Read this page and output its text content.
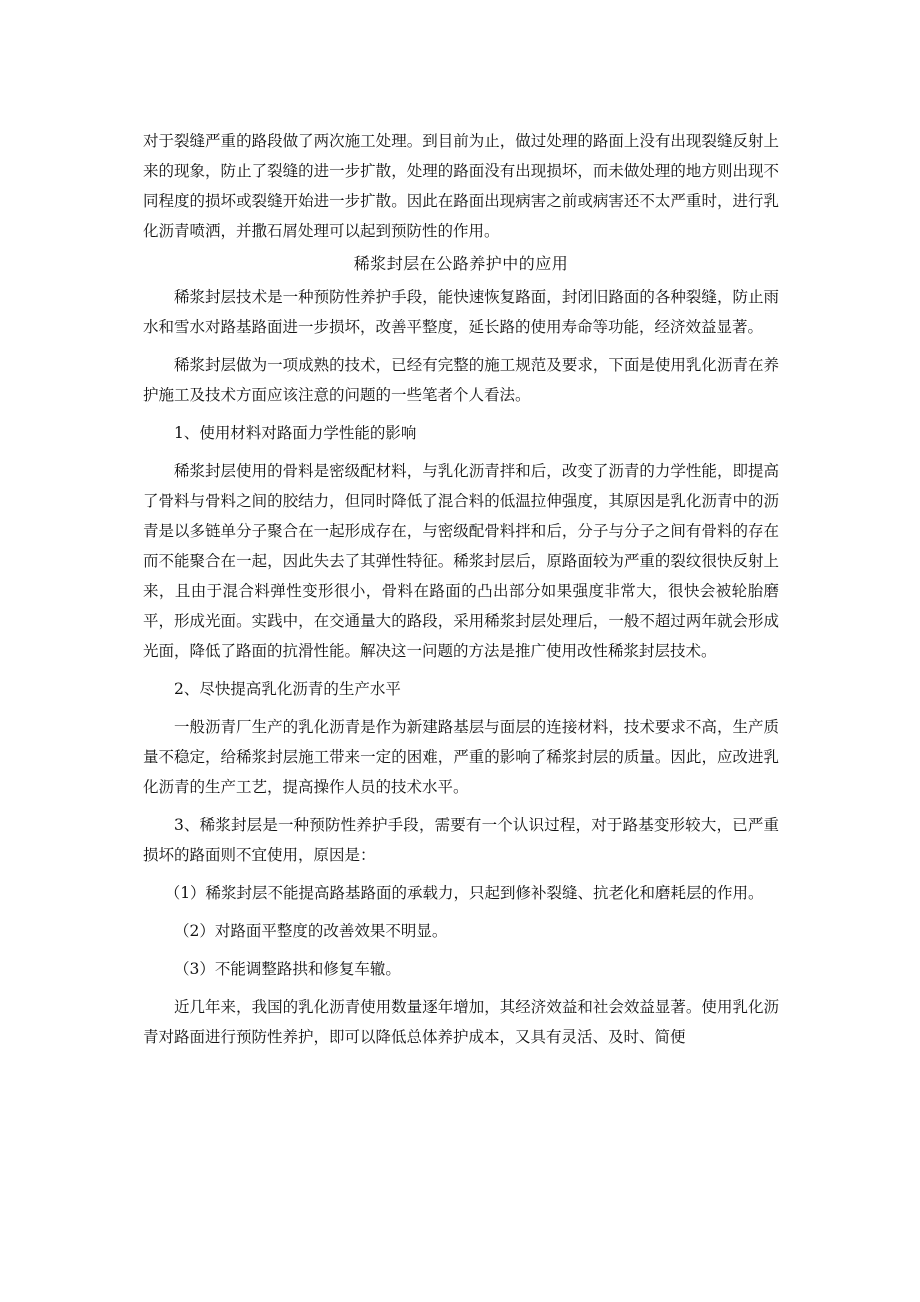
对于裂缝严重的路段做了两次施工处理。到目前为止，做过处理的路面上没有出现裂缝反射上来的现象，防止了裂缝的进一步扩散，处理的路面没有出现损坏，而未做处理的地方则出现不同程度的损坏或裂缝开始进一步扩散。因此在路面出现病害之前或病害还不太严重时，进行乳化沥青喷洒，并撒石屑处理可以起到预防性的作用。

稀浆封层在公路养护中的应用

稀浆封层技术是一种预防性养护手段，能快速恢复路面，封闭旧路面的各种裂缝，防止雨水和雪水对路基路面进一步损坏，改善平整度，延长路的使用寿命等功能，经济效益显著。

稀浆封层做为一项成熟的技术，已经有完整的施工规范及要求，下面是使用乳化沥青在养护施工及技术方面应该注意的问题的一些笔者个人看法。

1、使用材料对路面力学性能的影响

稀浆封层使用的骨料是密级配材料，与乳化沥青拌和后，改变了沥青的力学性能，即提高了骨料与骨料之间的胶结力，但同时降低了混合料的低温拉伸强度，其原因是乳化沥青中的沥青是以多链单分子聚合在一起形成存在，与密级配骨料拌和后，分子与分子之间有骨料的存在而不能聚合在一起，因此失去了其弹性特征。稀浆封层后，原路面较为严重的裂纹很快反射上来，且由于混合料弹性变形很小，骨料在路面的凸出部分如果强度非常大，很快会被轮胎磨平，形成光面。实践中，在交通量大的路段，采用稀浆封层处理后，一般不超过两年就会形成光面，降低了路面的抗滑性能。解决这一问题的方法是推广使用改性稀浆封层技术。

2、尽快提高乳化沥青的生产水平

一般沥青厂生产的乳化沥青是作为新建路基层与面层的连接材料，技术要求不高，生产质量不稳定，给稀浆封层施工带来一定的困难，严重的影响了稀浆封层的质量。因此，应改进乳化沥青的生产工艺，提高操作人员的技术水平。

3、稀浆封层是一种预防性养护手段，需要有一个认识过程，对于路基变形较大，已严重损坏的路面则不宜使用，原因是：

（1）稀浆封层不能提高路基路面的承载力，只起到修补裂缝、抗老化和磨耗层的作用。

（2）对路面平整度的改善效果不明显。

（3）不能调整路拱和修复车辙。

近几年来，我国的乳化沥青使用数量逐年增加，其经济效益和社会效益显著。使用乳化沥青对路面进行预防性养护，即可以降低总体养护成本，又具有灵活、及时、简便
